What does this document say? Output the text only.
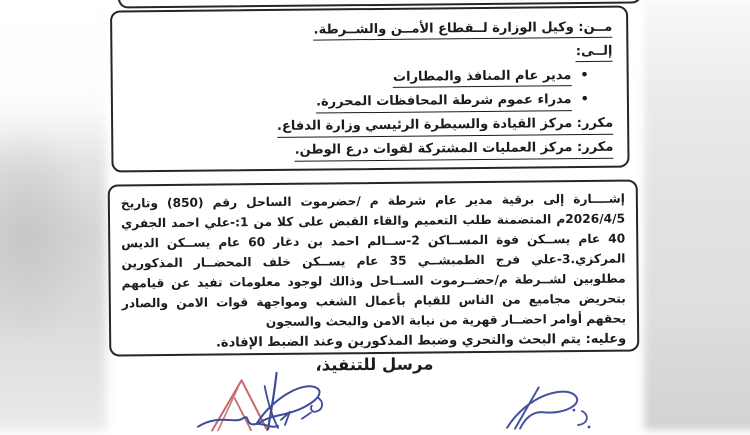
مــن: وكيل الوزارة لــقطاع الأمــن والشــرطة.
إلــى:
•مدير عام المنافذ والمطارات
•مدراء عموم شرطة المحافظات المحررة.
مكرر: مركز القيادة والسيطرة الرئيسي وزارة الدفاع.
مكرر: مركز العمليات المشتركة لقوات درع الوطن.

إشــــارة إلى برقية مدير عام شرطة م /حضرموت الساحل رقم (850) وتاريخ 2026/4/5م المتضمنة طلب التعميم والقاء القبض على كلا من 1:-علي احمد الجفري 40 عام يســكن فوة المســاكن 2-ســالم احمد بن دغار 60 عام يســكن الديس المركزي.3-علي فرج الطمبشــي 35 عام يســكن خلف المحضــار المذكورين مطلوبين لشــرطة م/حضــرموت الســاحل وذالك لوجود معلومات تفيد عن قيامهم بتحريض مجاميع من الناس للقيام بأعمال الشغب ومواجهة قوات الامن والصادر بحقهم أوامر احضــار قهرية من نيابة الامن والبحث والسجون

وعليه: يتم البحث والتحري وضبط المذكورين وعند الضبط الإفادة.
مرسل للتنفيذ،
